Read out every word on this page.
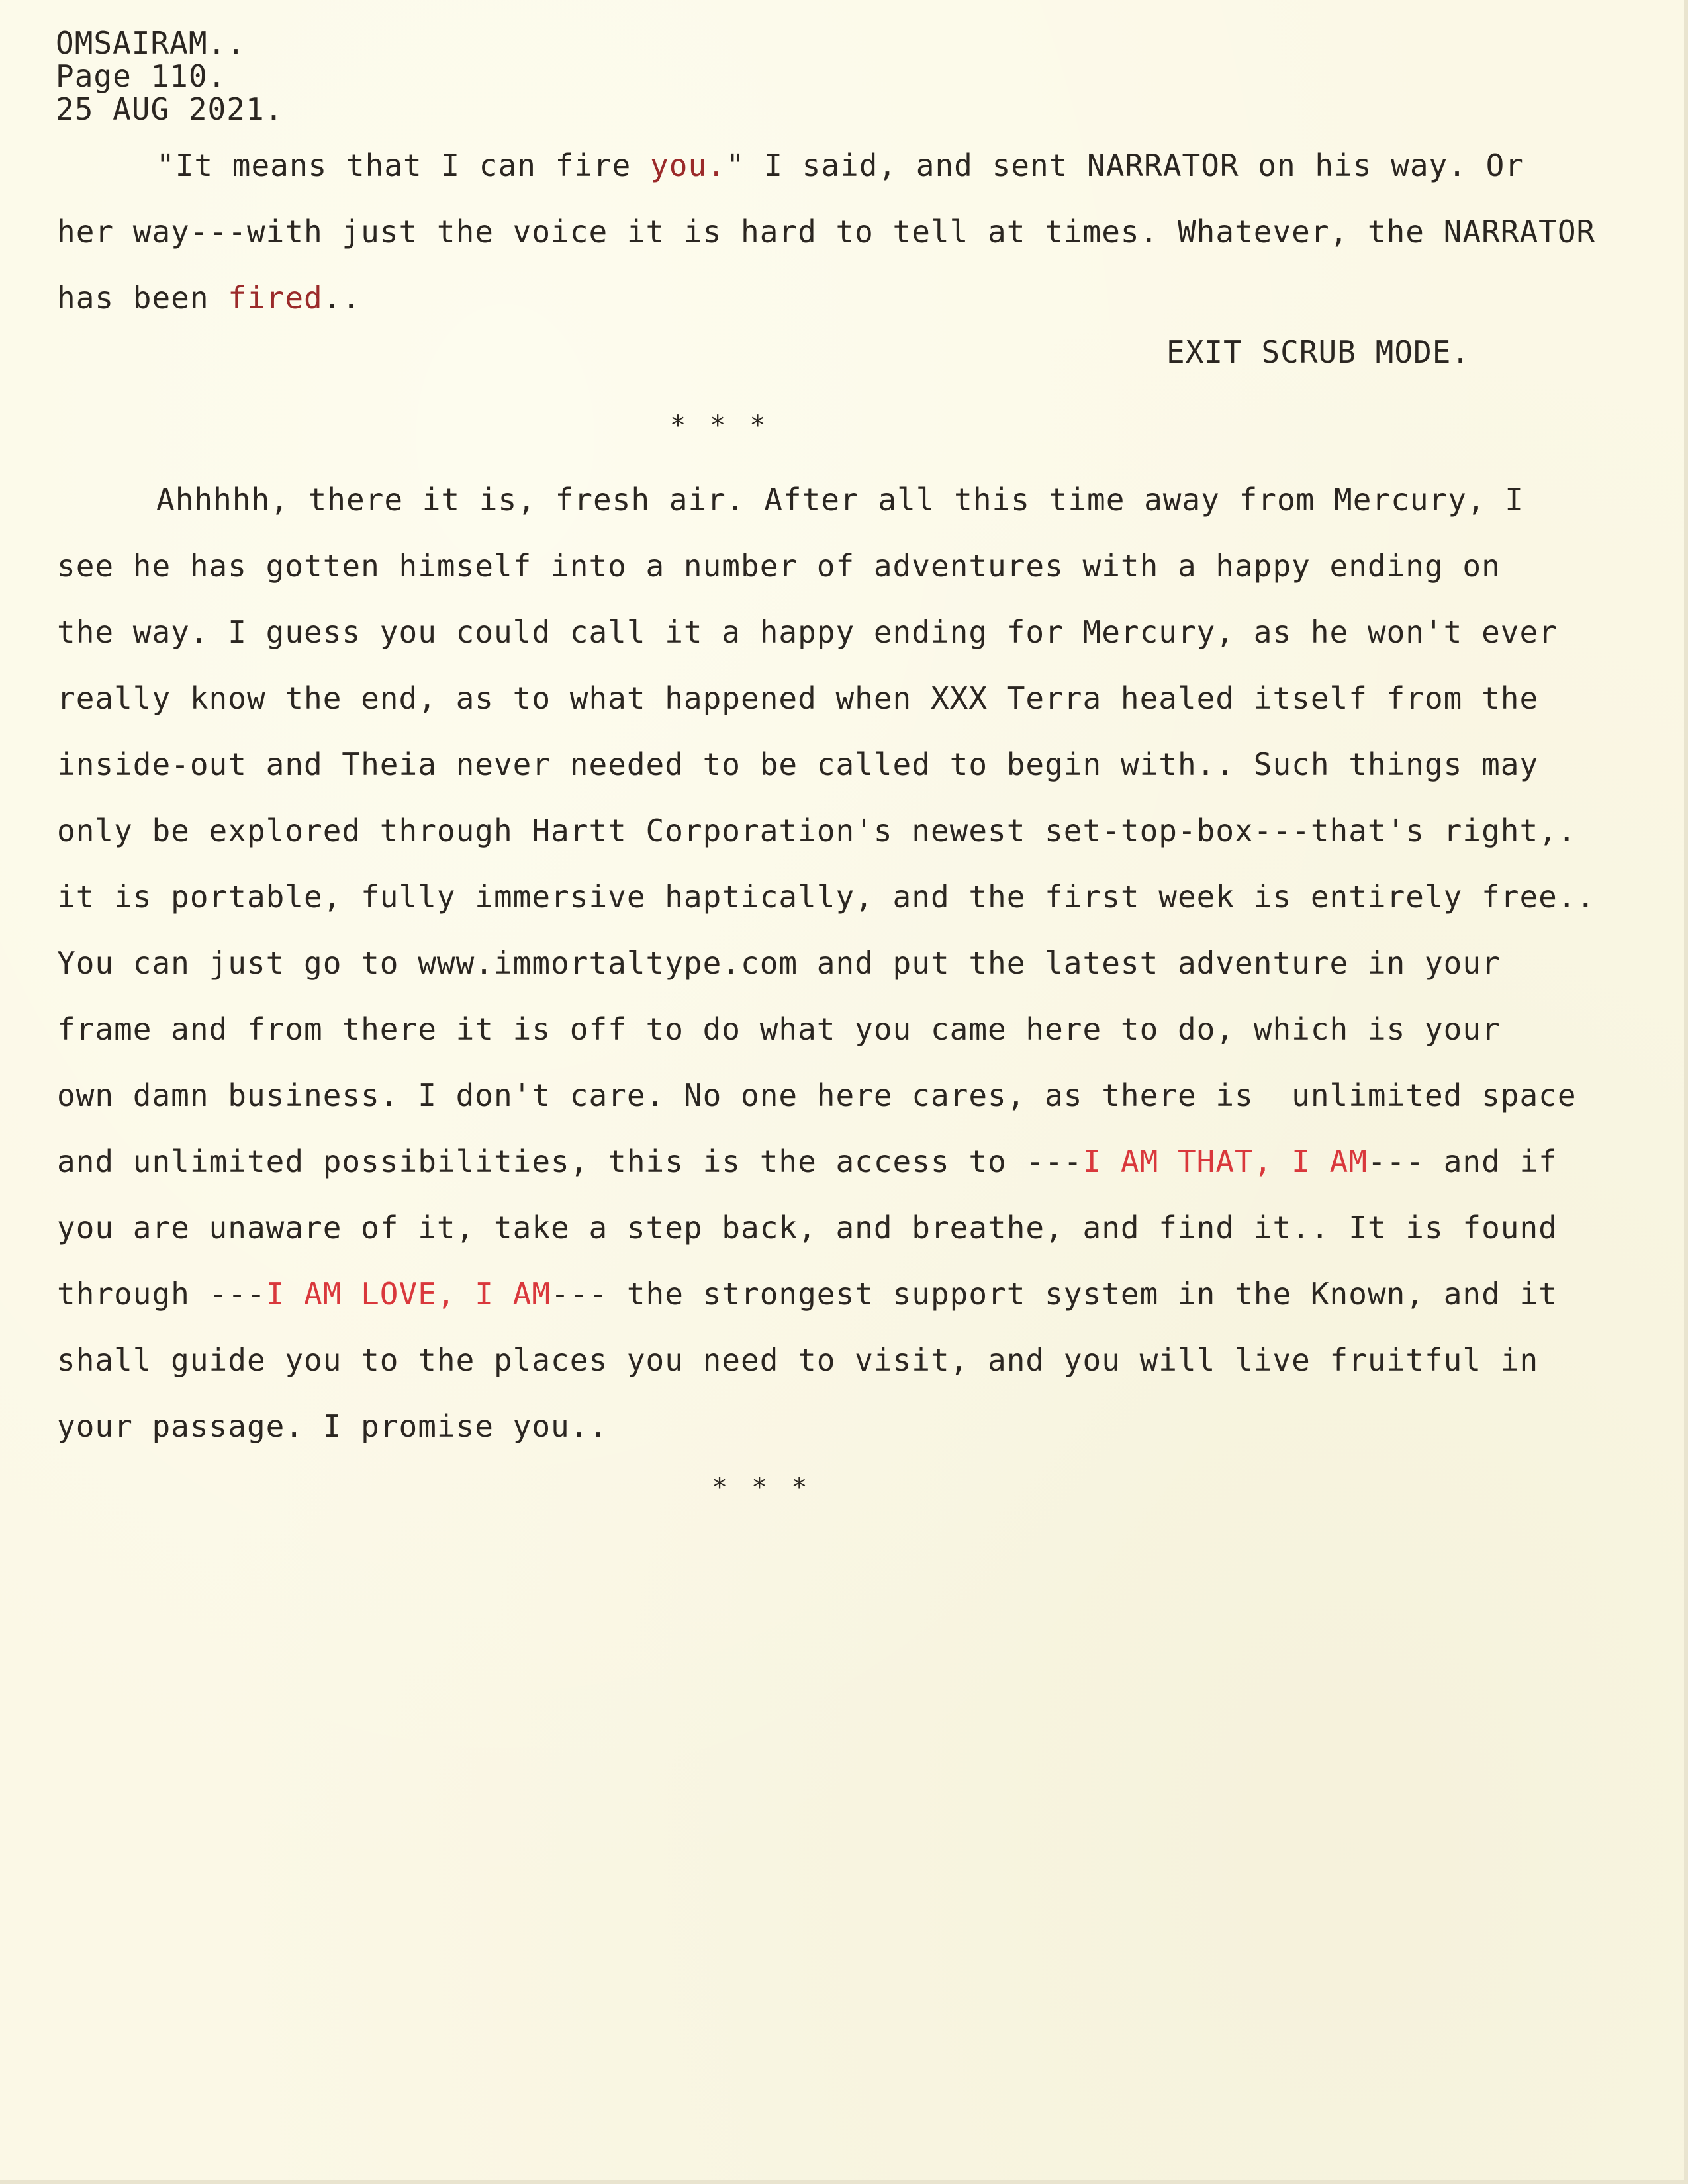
OMSAIRAM..
Page 110.
25 AUG 2021.
"It means that I can fire you." I said, and sent NARRATOR on his way. Or
her way---with just the voice it is hard to tell at times. Whatever, the NARRATOR
has been fired..
EXIT SCRUB MODE.
* * *
Ahhhhh, there it is, fresh air. After all this time away from Mercury, I
see he has gotten himself into a number of adventures with a happy ending on
the way. I guess you could call it a happy ending for Mercury, as he won't ever
really know the end, as to what happened when XXX Terra healed itself from the
inside-out and Theia never needed to be called to begin with.. Such things may
only be explored through Hartt Corporation's newest set-top-box---that's right,.
it is portable, fully immersive haptically, and the first week is entirely free..
You can just go to www.immortaltype.com and put the latest adventure in your
frame and from there it is off to do what you came here to do, which is your
own damn business. I don't care. No one here cares, as there is  unlimited space
and unlimited possibilities, this is the access to ---I AM THAT, I AM--- and if
you are unaware of it, take a step back, and breathe, and find it.. It is found
through ---I AM LOVE, I AM--- the strongest support system in the Known, and it
shall guide you to the places you need to visit, and you will live fruitful in
your passage. I promise you..
* * *
